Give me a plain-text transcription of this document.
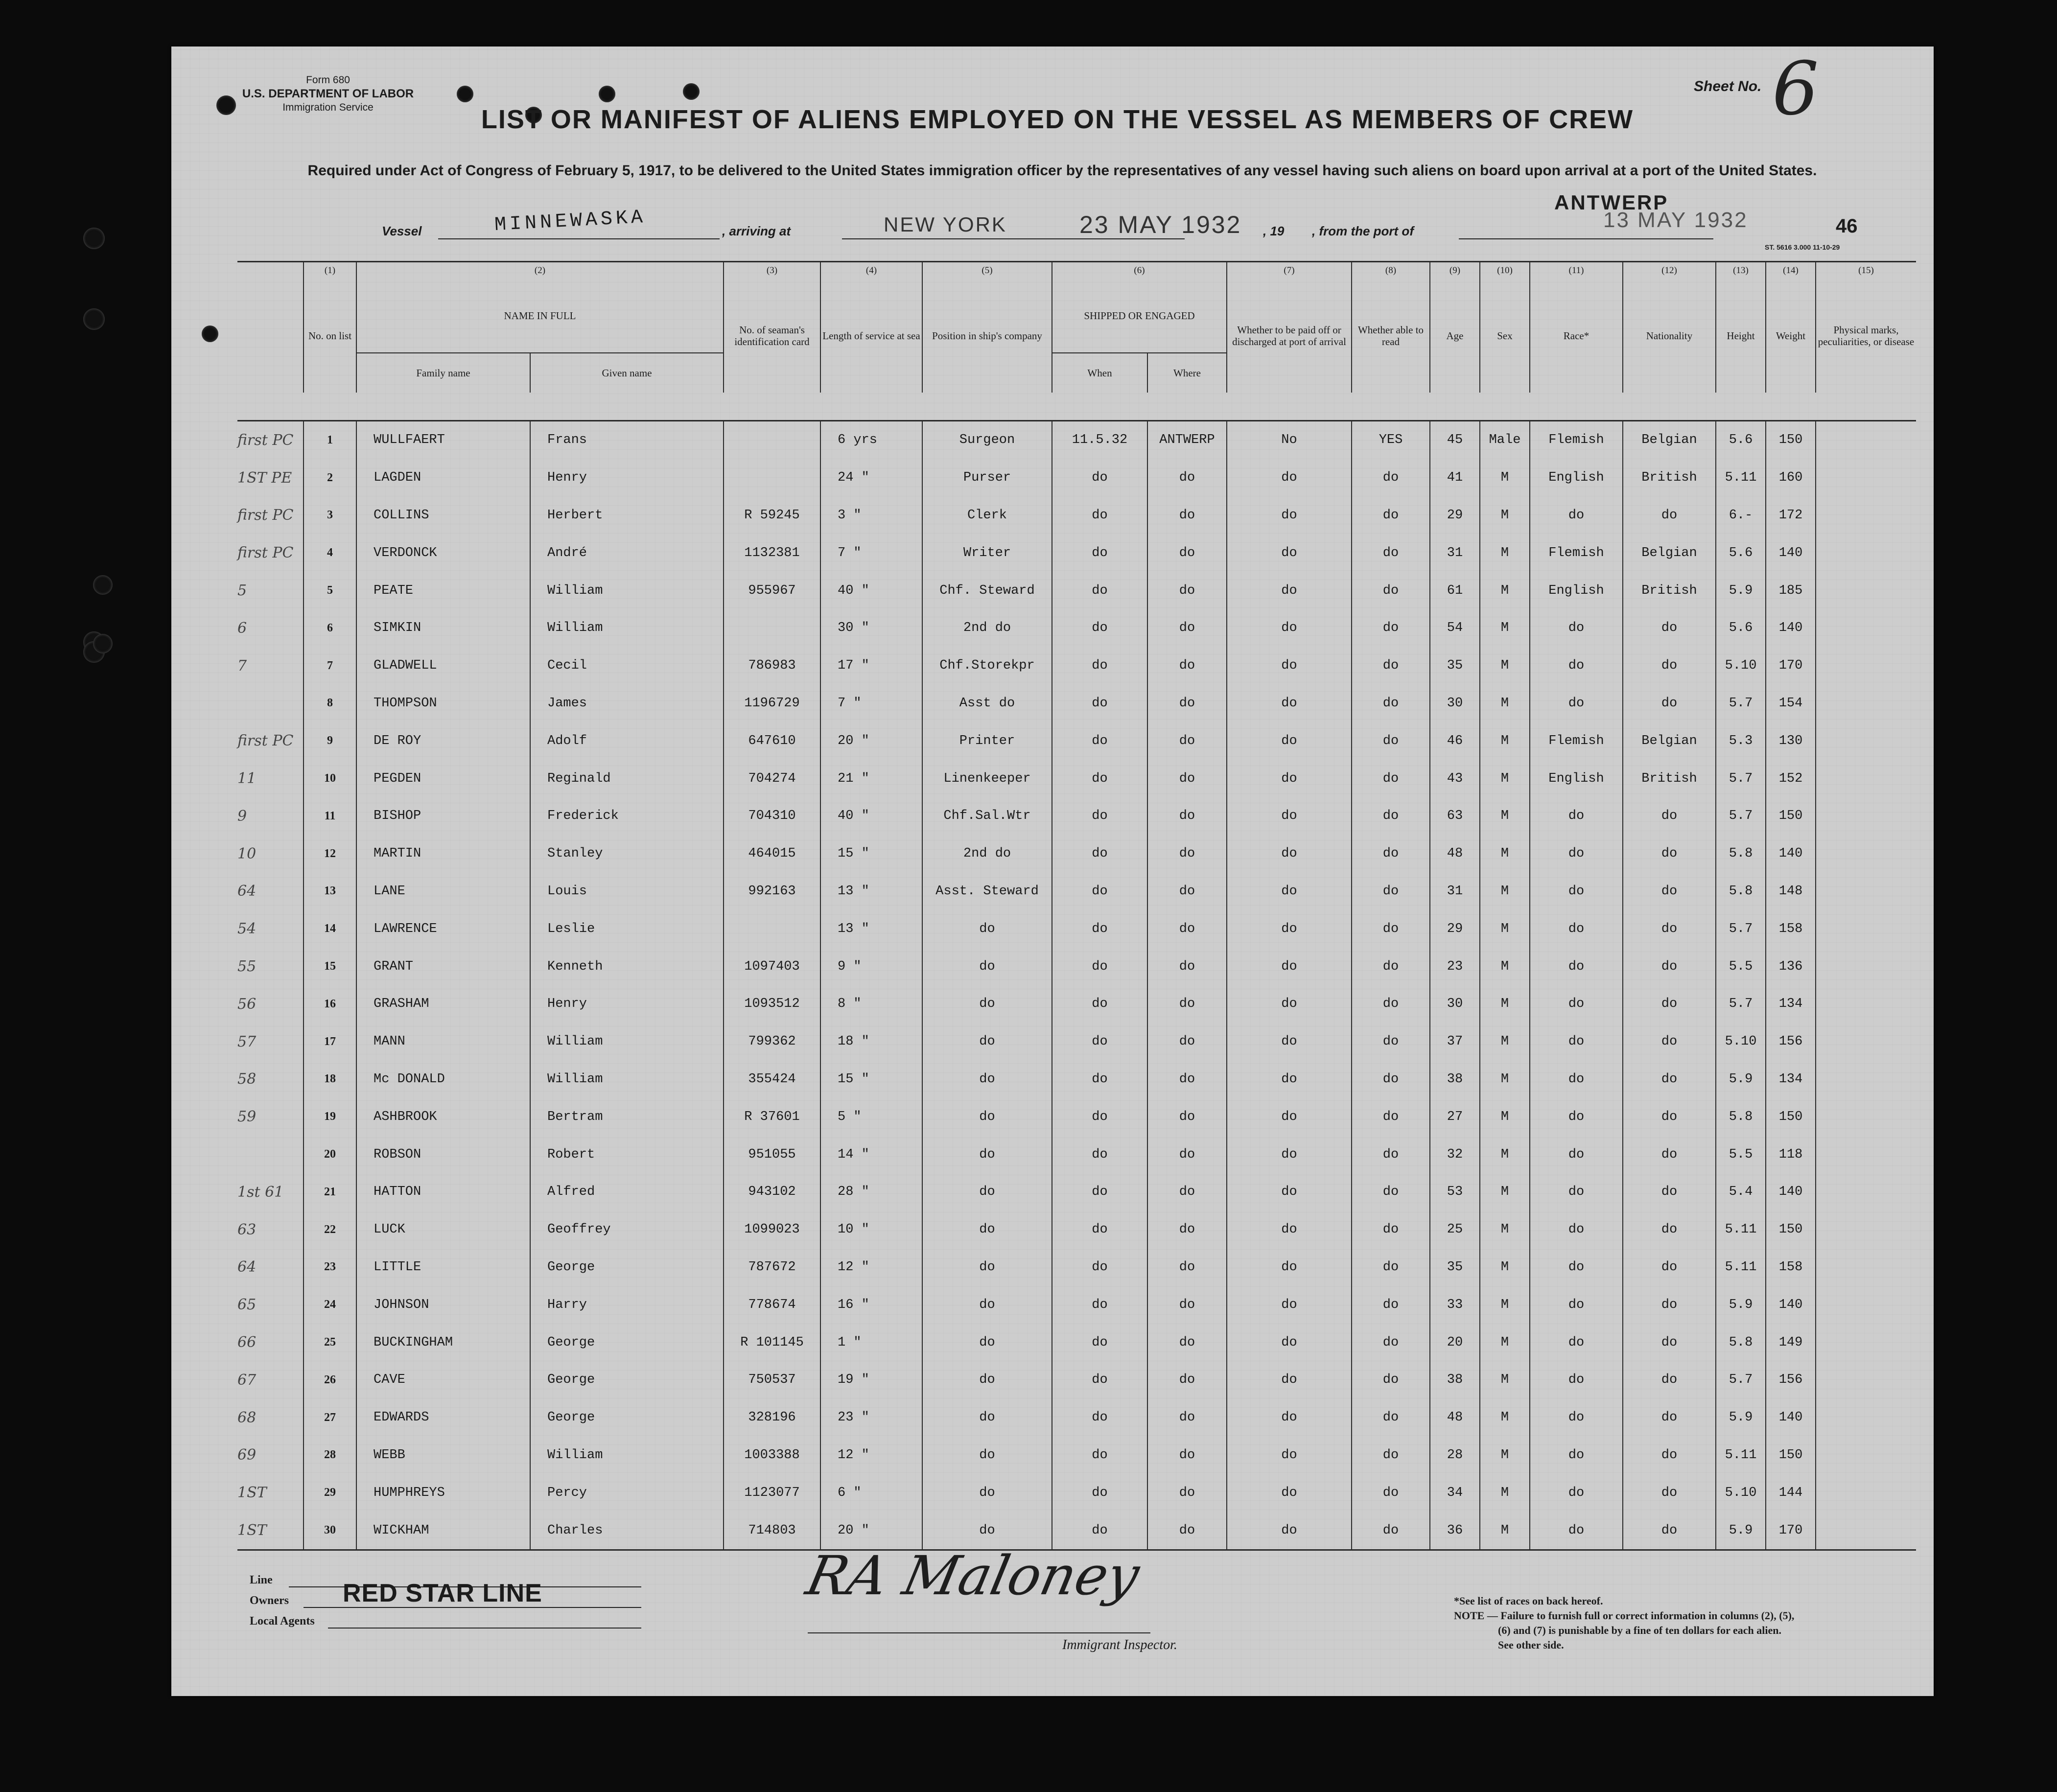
Form 680
U.S. DEPARTMENT OF LABOR
Immigration Service
Sheet No. 6
LIST OR MANIFEST OF ALIENS EMPLOYED ON THE VESSEL AS MEMBERS OF CREW
Required under Act of Congress of February 5, 1917, to be delivered to the United States immigration officer by the representatives of any vessel having such aliens on board upon arrival at a port of the United States.
Vessel	MINNEWASKA	, arriving at	NEW YORK	23 MAY 1932 , 19 , from the port of
ANTWERP
13 MAY 1932	46
ST. 5616 3.000 11-10-29
	(1)	(2)		(3)	(4)	(5)	(6)		(7)	(8)	(9)	(10)	(11)	(12)	(13)	(14)	(15)
	No. on list	NAME IN FULL		No. of seaman's identification card	Length of service at sea	Position in ship's company	SHIPPED OR ENGAGED		Whether to be paid off or discharged at port of arrival	Whether able to read	Age	Sex	Race*	Nationality	Height	Weight	Physical marks, peculiarities, or disease
		Family name	Given name				When	Where									

first PC	1	WULLFAERT	Frans		6 yrs	Surgeon	11.5.32	ANTWERP	No	YES	45	Male	Flemish	Belgian	5.6	150	
1ST PE	2	LAGDEN	Henry		24 "	Purser	do	do	do	do	41	M	English	British	5.11	160	
first PC	3	COLLINS	Herbert	R 59245	3 "	Clerk	do	do	do	do	29	M	do	do	6.-	172	
first PC	4	VERDONCK	André	1132381	7 "	Writer	do	do	do	do	31	M	Flemish	Belgian	5.6	140	
5	5	PEATE	William	955967	40 "	Chf. Steward	do	do	do	do	61	M	English	British	5.9	185	
6	6	SIMKIN	William		30 "	2nd do	do	do	do	do	54	M	do	do	5.6	140	
7	7	GLADWELL	Cecil	786983	17 "	Chf.Storekpr	do	do	do	do	35	M	do	do	5.10	170	
	8	THOMPSON	James	1196729	7 "	Asst do	do	do	do	do	30	M	do	do	5.7	154	
first PC	9	DE ROY	Adolf	647610	20 "	Printer	do	do	do	do	46	M	Flemish	Belgian	5.3	130	
11	10	PEGDEN	Reginald	704274	21 "	Linenkeeper	do	do	do	do	43	M	English	British	5.7	152	
9	11	BISHOP	Frederick	704310	40 "	Chf.Sal.Wtr	do	do	do	do	63	M	do	do	5.7	150	
10	12	MARTIN	Stanley	464015	15 "	2nd do	do	do	do	do	48	M	do	do	5.8	140	
64	13	LANE	Louis	992163	13 "	Asst. Steward	do	do	do	do	31	M	do	do	5.8	148	
54	14	LAWRENCE	Leslie		13 "	do	do	do	do	do	29	M	do	do	5.7	158	
55	15	GRANT	Kenneth	1097403	9 "	do	do	do	do	do	23	M	do	do	5.5	136	
56	16	GRASHAM	Henry	1093512	8 "	do	do	do	do	do	30	M	do	do	5.7	134	
57	17	MANN	William	799362	18 "	do	do	do	do	do	37	M	do	do	5.10	156	
58	18	Mc DONALD	William	355424	15 "	do	do	do	do	do	38	M	do	do	5.9	134	
59	19	ASHBROOK	Bertram	R 37601	5 "	do	do	do	do	do	27	M	do	do	5.8	150	
	20	ROBSON	Robert	951055	14 "	do	do	do	do	do	32	M	do	do	5.5	118	
1st 61	21	HATTON	Alfred	943102	28 "	do	do	do	do	do	53	M	do	do	5.4	140	
63	22	LUCK	Geoffrey	1099023	10 "	do	do	do	do	do	25	M	do	do	5.11	150	
64	23	LITTLE	George	787672	12 "	do	do	do	do	do	35	M	do	do	5.11	158	
65	24	JOHNSON	Harry	778674	16 "	do	do	do	do	do	33	M	do	do	5.9	140	
66	25	BUCKINGHAM	George	R 101145	1 "	do	do	do	do	do	20	M	do	do	5.8	149	
67	26	CAVE	George	750537	19 "	do	do	do	do	do	38	M	do	do	5.7	156	
68	27	EDWARDS	George	328196	23 "	do	do	do	do	do	48	M	do	do	5.9	140	
69	28	WEBB	William	1003388	12 "	do	do	do	do	do	28	M	do	do	5.11	150	
1ST	29	HUMPHREYS	Percy	1123077	6 "	do	do	do	do	do	34	M	do	do	5.10	144	
1ST	30	WICKHAM	Charles	714803	20 "	do	do	do	do	do	36	M	do	do	5.9	170	
Line
Owners
Local Agents
RED STAR LINE	RA Maloney
Immigrant Inspector.
*See list of races on back hereof.
NOTE — Failure to furnish full or correct information in columns (2), (5),
(6) and (7) is punishable by a fine of ten dollars for each alien.
See other side.
